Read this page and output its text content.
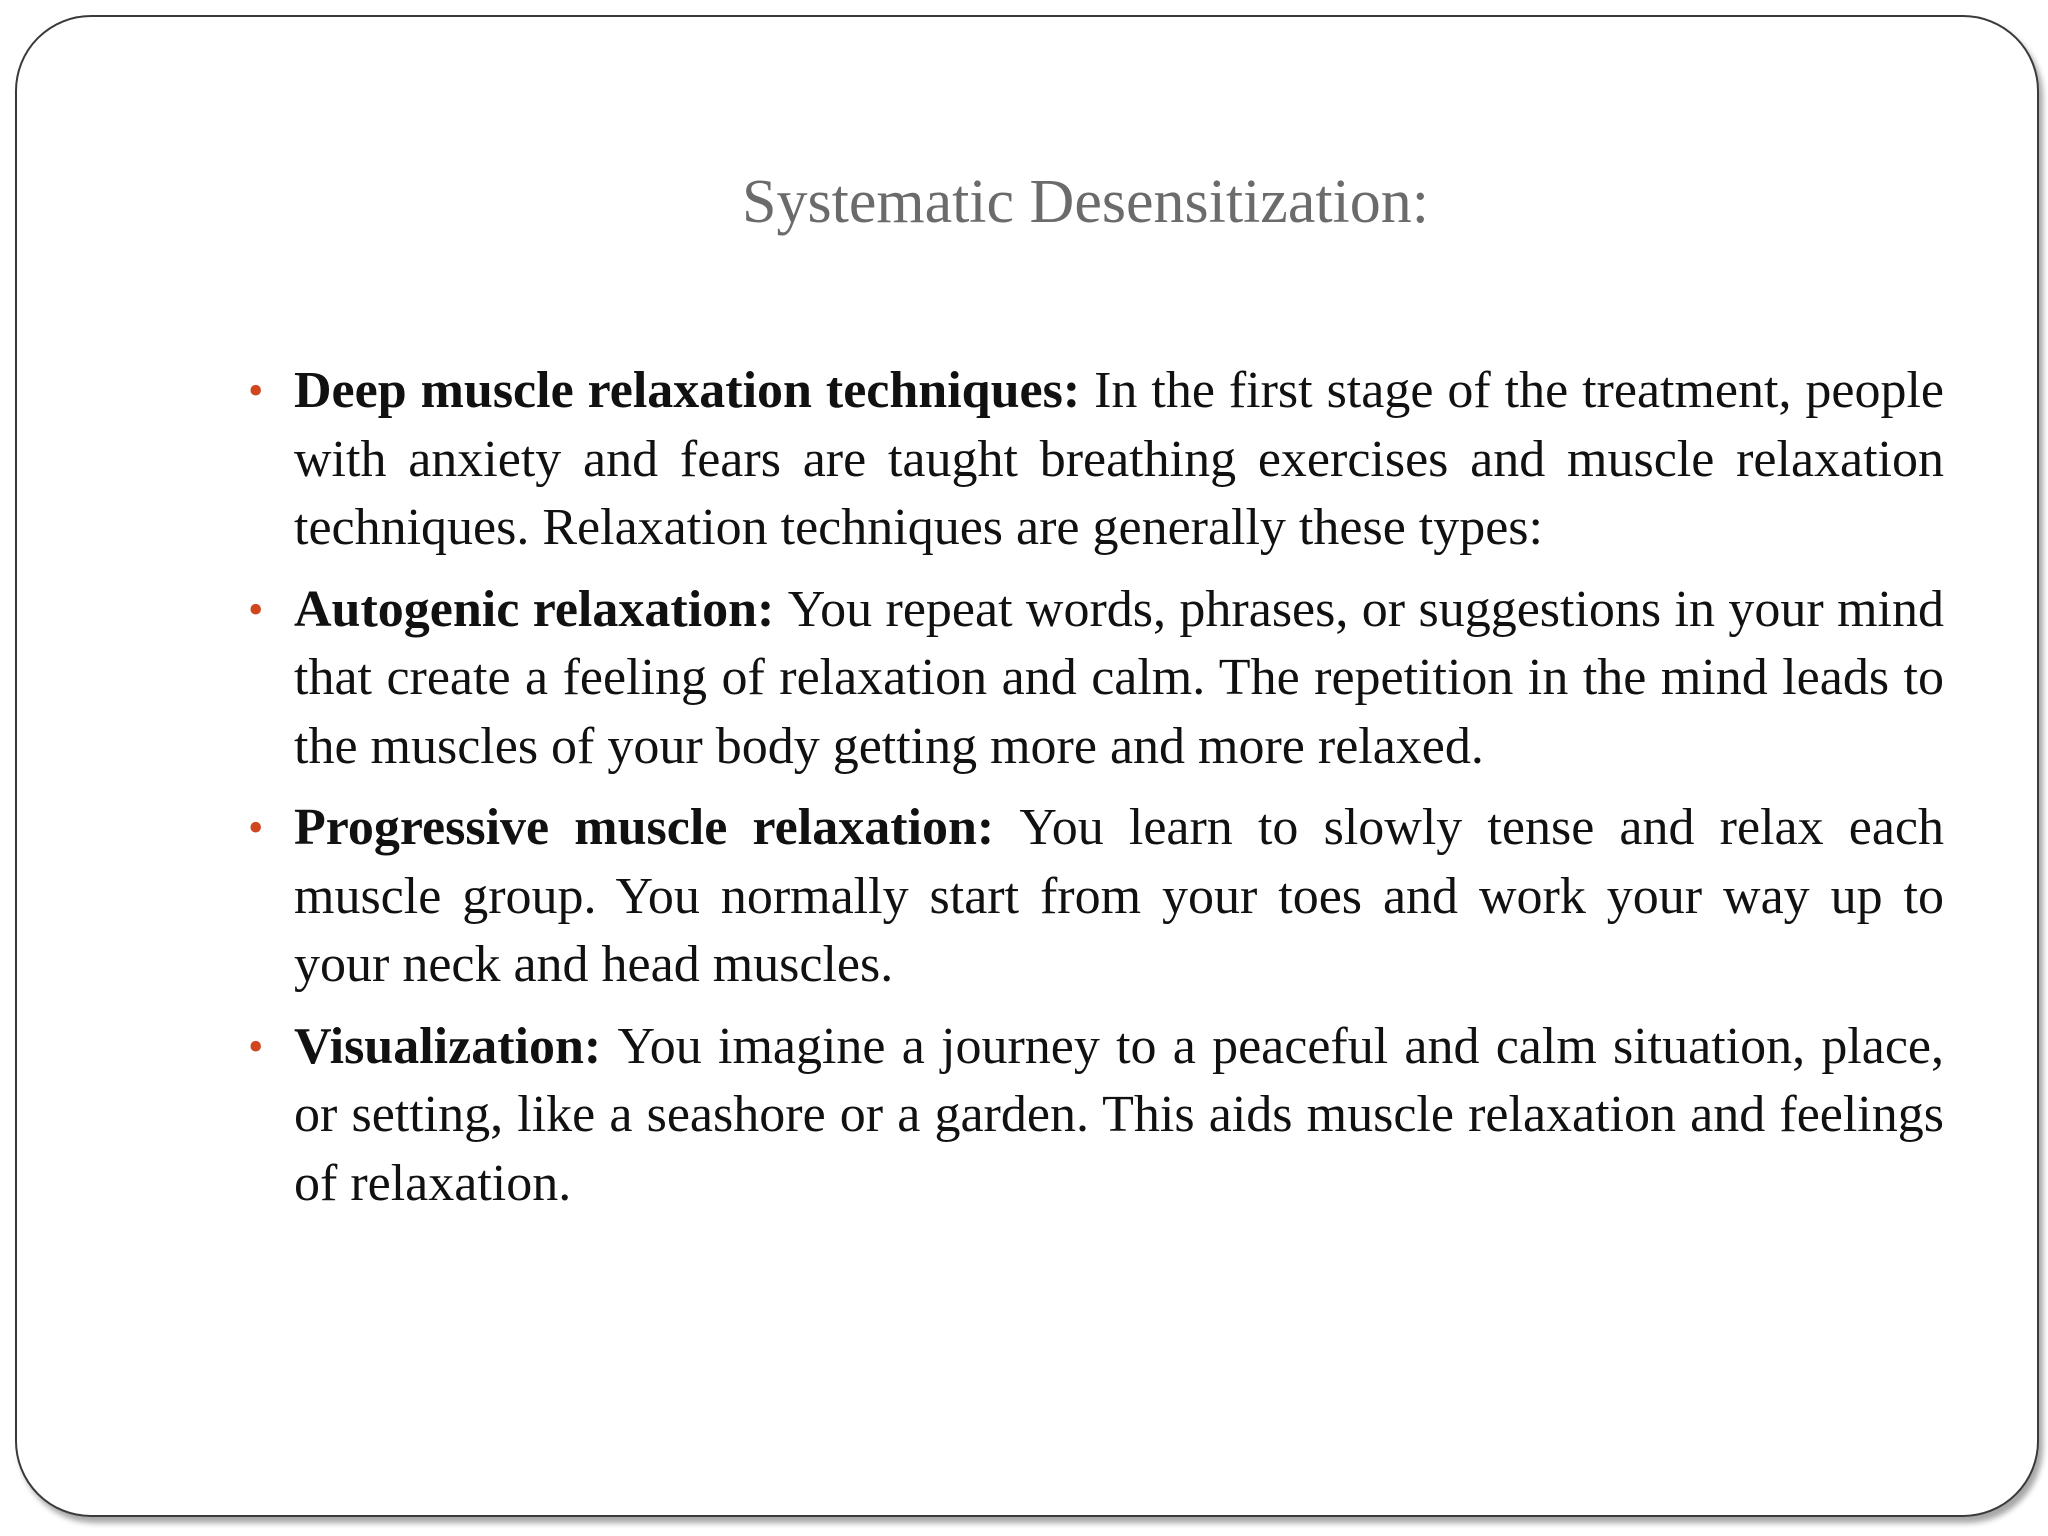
Systematic Desensitization:
• Deep muscle relaxation techniques: In the first stage of the treatment, people with anxiety and fears are taught breathing exercises and muscle relaxation techniques. Relaxation techniques are generally these types:
• Autogenic relaxation: You repeat words, phrases, or suggestions in your mind that create a feeling of relaxation and calm. The repetition in the mind leads to the muscles of your body getting more and more relaxed.
• Progressive muscle relaxation: You learn to slowly tense and relax each muscle group. You normally start from your toes and work your way up to your neck and head muscles.
• Visualization: You imagine a journey to a peaceful and calm situation, place, or setting, like a seashore or a garden. This aids muscle relaxation and feelings of relaxation.
